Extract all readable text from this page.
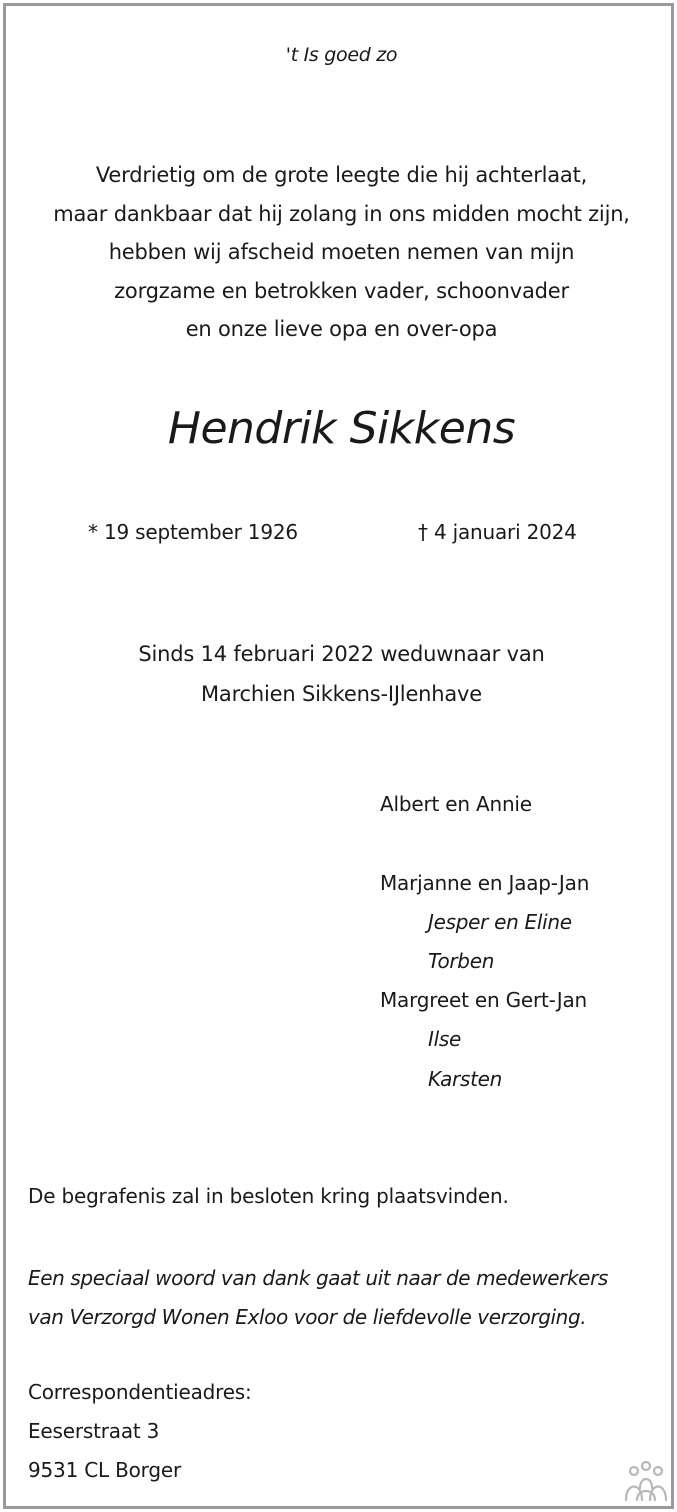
't Is goed zo
Verdrietig om de grote leegte die hij achterlaat,
maar dankbaar dat hij zolang in ons midden mocht zijn,
hebben wij afscheid moeten nemen van mijn
zorgzame en betrokken vader, schoonvader
en onze lieve opa en over-opa
Hendrik Sikkens
* 19 september 1926	† 4 januari 2024
Sinds 14 februari 2022 weduwnaar van
Marchien Sikkens-IJlenhave
Albert en Annie
Marjanne en Jaap-Jan
Jesper en Eline
Torben
Margreet en Gert-Jan
Ilse
Karsten
De begrafenis zal in besloten kring plaatsvinden.
Een speciaal woord van dank gaat uit naar de medewerkers
van Verzorgd Wonen Exloo voor de liefdevolle verzorging.
Correspondentieadres:
Eeserstraat 3
9531 CL Borger
